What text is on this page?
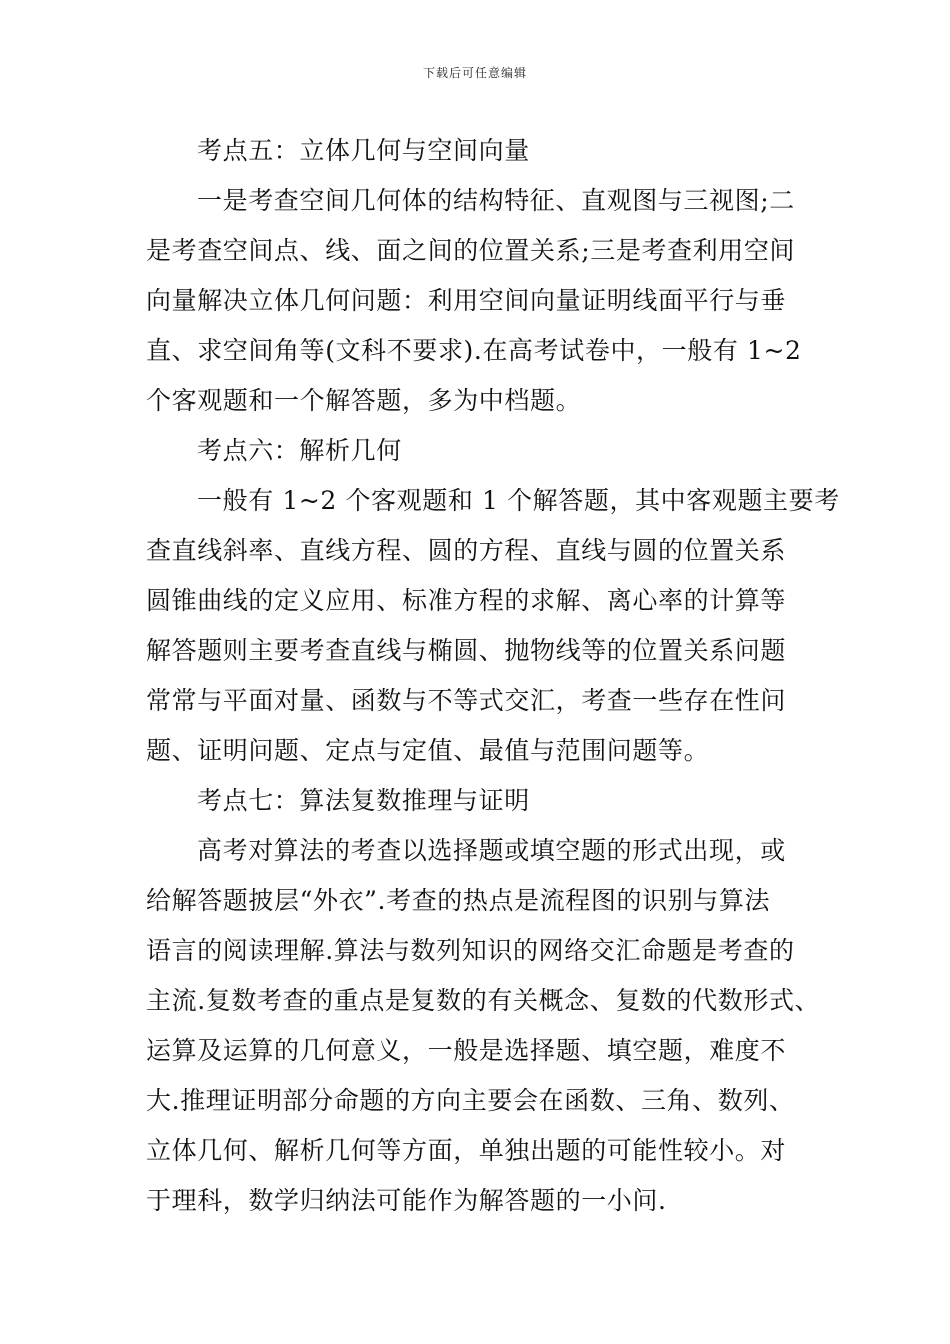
下载后可任意编辑
考点五：立体几何与空间向量
一是考查空间几何体的结构特征、直观图与三视图;二
是考查空间点、线、面之间的位置关系;三是考查利用空间
向量解决立体几何问题：利用空间向量证明线面平行与垂
直、求空间角等(文科不要求).在高考试卷中，一般有 1~2
个客观题和一个解答题，多为中档题。
考点六：解析几何
一般有 1~2 个客观题和 1 个解答题，其中客观题主要考
查直线斜率、直线方程、圆的方程、直线与圆的位置关系
圆锥曲线的定义应用、标准方程的求解、离心率的计算等
解答题则主要考查直线与椭圆、抛物线等的位置关系问题
常常与平面对量、函数与不等式交汇，考查一些存在性问
题、证明问题、定点与定值、最值与范围问题等。
考点七：算法复数推理与证明
高考对算法的考查以选择题或填空题的形式出现，或
给解答题披层“外衣”.考查的热点是流程图的识别与算法
语言的阅读理解.算法与数列知识的网络交汇命题是考查的
主流.复数考查的重点是复数的有关概念、复数的代数形式、
运算及运算的几何意义，一般是选择题、填空题，难度不
大.推理证明部分命题的方向主要会在函数、三角、数列、
立体几何、解析几何等方面，单独出题的可能性较小。对
于理科，数学归纳法可能作为解答题的一小问.
